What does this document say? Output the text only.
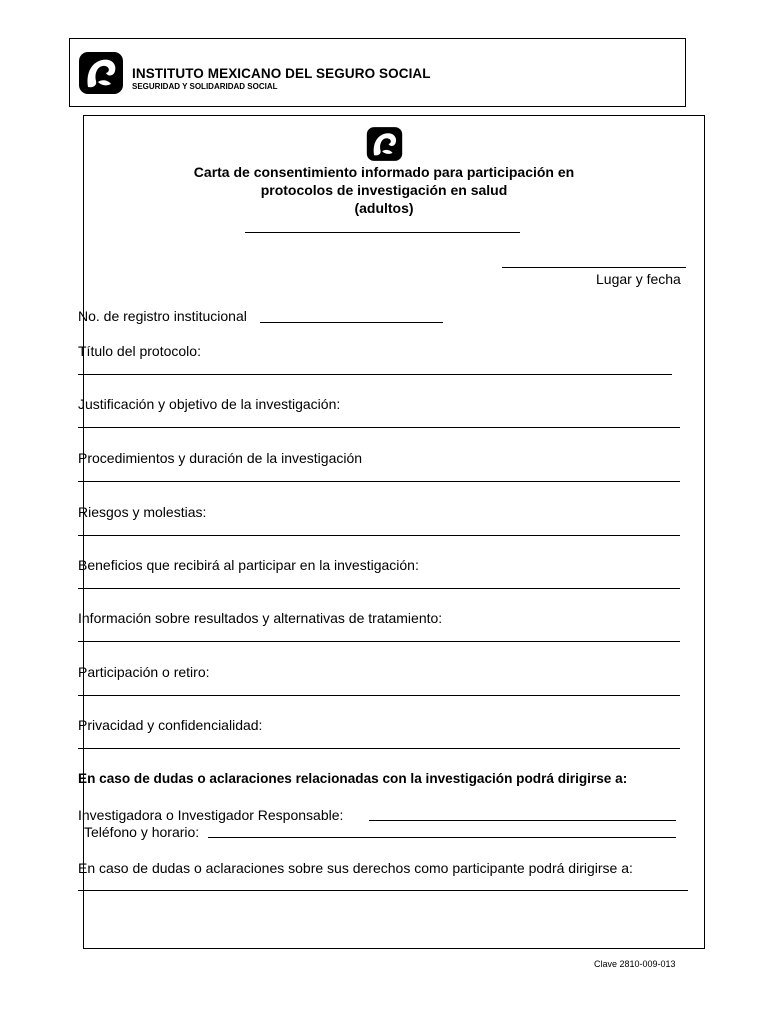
INSTITUTO MEXICANO DEL SEGURO SOCIAL
SEGURIDAD Y SOLIDARIDAD SOCIAL
Carta de consentimiento informado para participación en
protocolos de investigación en salud
(adultos)
Lugar y fecha
No. de registro institucional
Título del protocolo:
Justificación y objetivo de la investigación:
Procedimientos y duración de la investigación
Riesgos y molestias:
Beneficios que recibirá al participar en la investigación:
Información sobre resultados y alternativas de tratamiento:
Participación o retiro:
Privacidad y confidencialidad:
En caso de dudas o aclaraciones relacionadas con la investigación podrá dirigirse a:
Investigadora o Investigador Responsable:
Teléfono y horario:
En caso de dudas o aclaraciones sobre sus derechos como participante podrá dirigirse a:
Clave 2810-009-013
